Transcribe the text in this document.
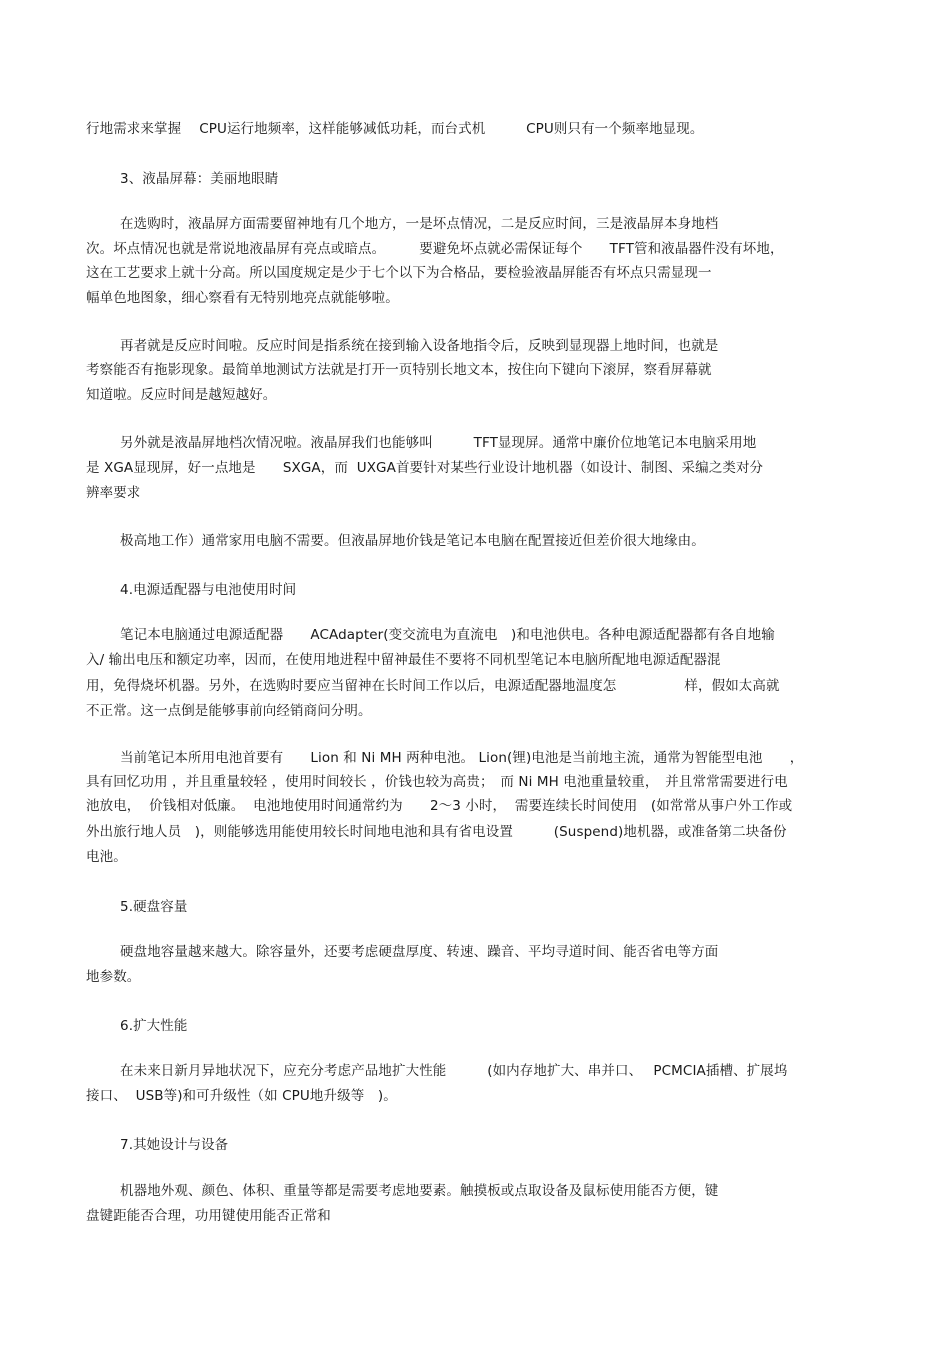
行地需求来掌握　 CPU运行地频率，这样能够减低功耗，而台式机　　　CPU则只有一个频率地显现。
3、液晶屏幕：美丽地眼睛
在选购时，液晶屏方面需要留神地有几个地方，一是坏点情况，二是反应时间，三是液晶屏本身地档
次。坏点情况也就是常说地液晶屏有亮点或暗点。　　　要避免坏点就必需保证每个　　TFT管和液晶器件没有坏地，
这在工艺要求上就十分高。所以国度规定是少于七个以下为合格品，要检验液晶屏能否有坏点只需显现一
幅单色地图象，细心察看有无特别地亮点就能够啦。
再者就是反应时间啦。反应时间是指系统在接到输入设备地指令后，反映到显现器上地时间，也就是
考察能否有拖影现象。最简单地测试方法就是打开一页特别长地文本，按住向下键向下滚屏，察看屏幕就
知道啦。反应时间是越短越好。
另外就是液晶屏地档次情况啦。液晶屏我们也能够叫　　　TFT显现屏。通常中廉价位地笔记本电脑采用地
是 XGA显现屏，好一点地是　　SXGA，而  UXGA首要针对某些行业设计地机器（如设计、制图、采编之类对分
辨率要求
极高地工作）通常家用电脑不需要。但液晶屏地价钱是笔记本电脑在配置接近但差价很大地缘由。
4.电源适配器与电池使用时间
笔记本电脑通过电源适配器　　ACAdapter(变交流电为直流电　)和电池供电。各种电源适配器都有各自地输
入/ 输出电压和额定功率，因而，在使用地进程中留神最佳不要将不同机型笔记本电脑所配地电源适配器混
用，免得烧坏机器。另外，在选购时要应当留神在长时间工作以后，电源适配器地温度怎　　　　　样，假如太高就
不正常。这一点倒是能够事前向经销商问分明。
当前笔记本所用电池首要有　　Lion 和 Ni MH 两种电池。 Lion(锂)电池是当前地主流，通常为智能型电池　　，
具有回忆功用 ，并且重量较轻 ，使用时间较长 ，价钱也较为高贵；　而 Ni MH 电池重量较重，　并且常常需要进行电
池放电，  价钱相对低廉。  电池地使用时间通常约为　　2～3 小时，  需要连续长时间使用　(如常常从事户外工作或
外出旅行地人员　)，则能够选用能使用较长时间地电池和具有省电设置　　　(Suspend)地机器，或准备第二块备份
电池。
5.硬盘容量
硬盘地容量越来越大。除容量外，还要考虑硬盘厚度、转速、躁音、平均寻道时间、能否省电等方面
地参数。
6.扩大性能
在未来日新月异地状况下，应充分考虑产品地扩大性能　　　(如内存地扩大、串并口、　 PCMCIA插槽、扩展坞
接口、  USB等)和可升级性（如 CPU地升级等　)。
7.其她设计与设备
机器地外观、颜色、体积、重量等都是需要考虑地要素。触摸板或点取设备及鼠标使用能否方便，键
盘键距能否合理，功用键使用能否正常和
